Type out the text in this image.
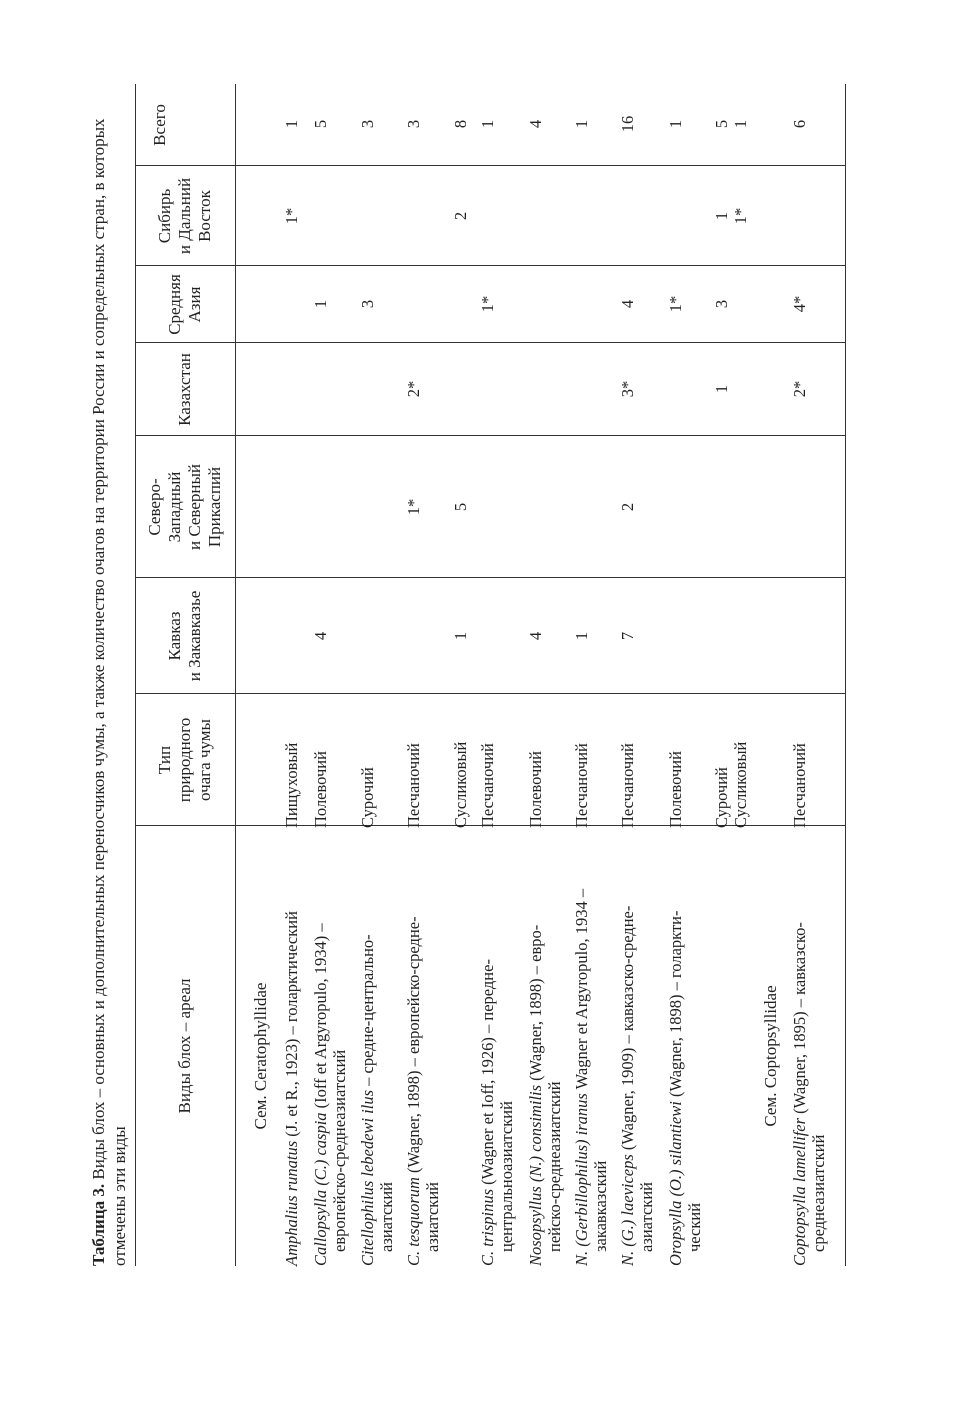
Таблица 3. Виды блох – основных и дополнительных переносчиков чумы, а также количество очагов на территории России и сопредельных стран, в которых отмечены эти виды
Виды блох – ареал
Тип природного очага чумы
Кавказ и Закавказье
Северо- Западный и Северный Прикаспий
Казахстан
Средняя Азия
Сибирь и Дальний Восток
Всего
Сем. Ceratophyllidae	Сем. Coptopsyllidae
Amphalius runatus (J. et R., 1923) – голарктический
Пищуховый
1*
1
Callopsylla (C.) caspia (Ioff et Argyropulo, 1934) –
европейско-среднеазиатский
Полевочий
4
1
5
Citellophilus lebedewi ilus – средне-центрально-
азиатский
Сурочий
3
3
C. tesquorum (Wagner, 1898) – европейско-средне-
азиатский
Песчаночий
1*
2*
3
Сусликовый
1
5
2
8
C. trispinus (Wagner et Ioff, 1926) – передне- центральноазиатский
Песчаночий
1*
1
Nosopsyllus (N.) consimilis (Wagner, 1898) – евро-
пейско-среднеазиатский
Полевочий
4
4
N. (Gerbillophilus) iranus Wagner et Argyropulo, 1934 –
закавказский
Песчаночий
1
1
N. (G.) laeviceps (Wagner, 1909) – кавказско-средне-
азиатский
Песчаночий
7
2
3*
4
16
Oropsylla (O.) silantiewi (Wagner, 1898) – голаркти-
ческий
Полевочий
1*
1
Сурочий
1
3
1
5
Сусликовый
1*
1
Coptopsylla lamellifer (Wagner, 1895) – кавказско-
среднеазиатский
Песчаночий
2*
4*
6
